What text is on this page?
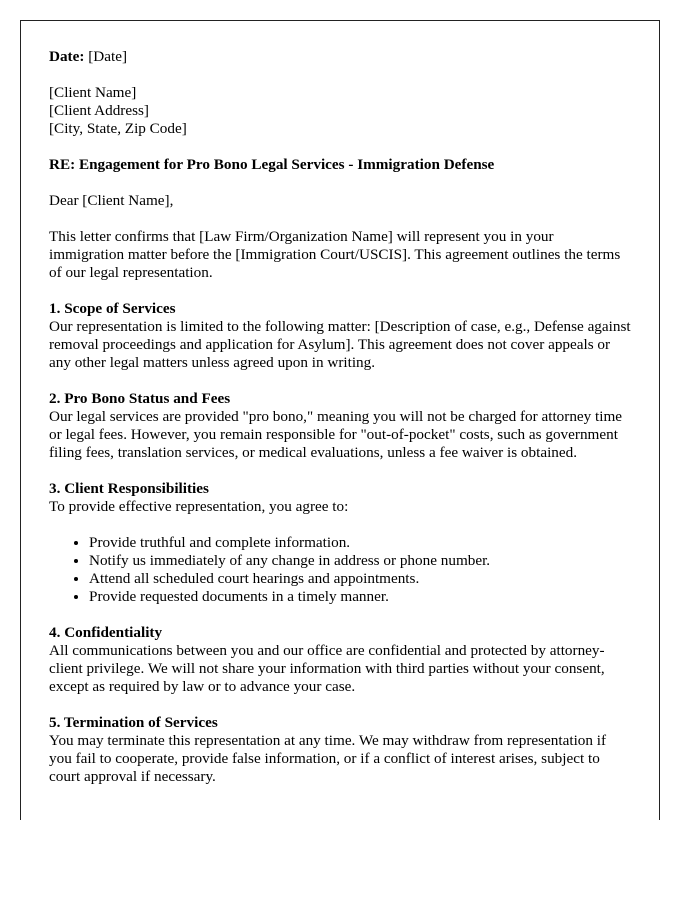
Date: [Date]

[Client Name]
[Client Address]
[City, State, Zip Code]

RE: Engagement for Pro Bono Legal Services - Immigration Defense

Dear [Client Name],

This letter confirms that [Law Firm/Organization Name] will represent you in your immigration matter before the [Immigration Court/USCIS]. This agreement outlines the terms of our legal representation.

1. Scope of Services
Our representation is limited to the following matter: [Description of case, e.g., Defense against removal proceedings and application for Asylum]. This agreement does not cover appeals or any other legal matters unless agreed upon in writing.
2. Pro Bono Status and Fees
Our legal services are provided "pro bono," meaning you will not be charged for attorney time or legal fees. However, you remain responsible for "out-of-pocket" costs, such as government filing fees, translation services, or medical evaluations, unless a fee waiver is obtained.
3. Client Responsibilities
To provide effective representation, you agree to:
• Provide truthful and complete information.
• Notify us immediately of any change in address or phone number.
• Attend all scheduled court hearings and appointments.
• Provide requested documents in a timely manner.
4. Confidentiality
All communications between you and our office are confidential and protected by attorney-client privilege. We will not share your information with third parties without your consent, except as required by law or to advance your case.
5. Termination of Services
You may terminate this representation at any time. We may withdraw from representation if you fail to cooperate, provide false information, or if a conflict of interest arises, subject to court approval if necessary.
